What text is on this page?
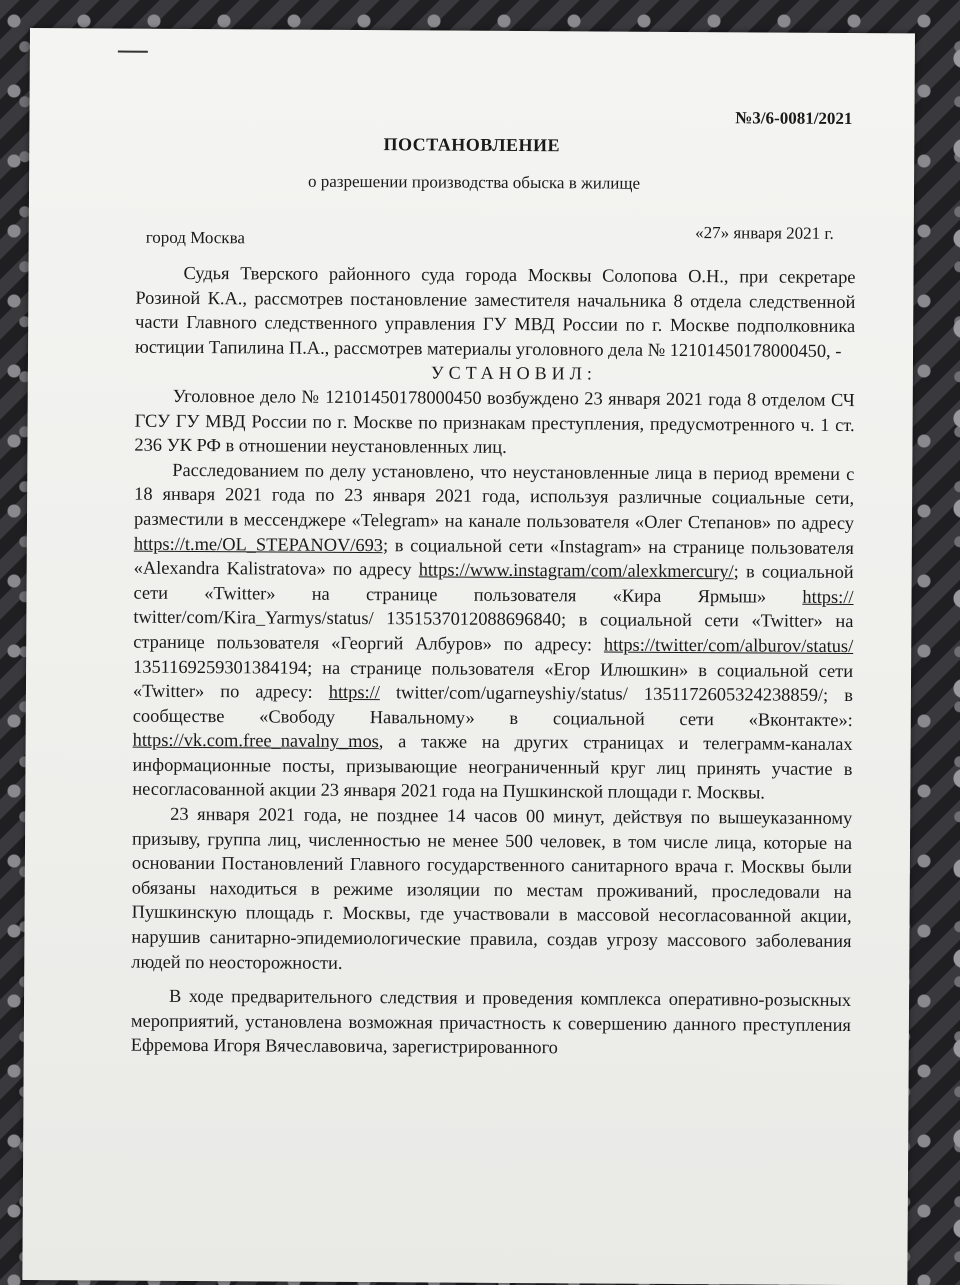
№3/6-0081/2021
ПОСТАНОВЛЕНИЕ
о разрешении производства обыска в жилище
город Москва	«27» января 2021 г.

Судья Тверского районного суда города Москвы Солопова О.Н., при секретаре Розиной К.А., рассмотрев постановление заместителя начальника 8 отдела следственной части Главного следственного управления ГУ МВД России по г. Москве подполковника юстиции Тапилина П.А., рассмотрев материалы уголовного дела № 12101450178000450, -

УСТАНОВИЛ:

Уголовное дело № 12101450178000450 возбуждено 23 января 2021 года 8 отделом СЧ ГСУ ГУ МВД России по г. Москве по признакам преступления, предусмотренного ч. 1 ст. 236 УК РФ в отношении неустановленных лиц.

Расследованием по делу установлено, что неустановленные лица в период времени с 18 января 2021 года по 23 января 2021 года, используя различные социальные сети, разместили в мессенджере «Telegram» на канале пользователя «Олег Степанов» по адресу https://t.me/OL_STEPANOV/693; в социальной сети «Instagram» на странице пользователя «Alexandra Kalistratova» по адресу https://www.instagram/com/alexkmercury/; в социальной сети «Twitter» на странице пользователя «Кира Ярмыш» https:// twitter/com/Kira_Yarmys/status/ 1351537012088696840; в социальной сети «Twitter» на странице пользователя «Георгий Албуров» по адресу: https://twitter/com/alburov/status/ 1351169259301384194; на странице пользователя «Егор Илюшкин» в социальной сети «Twitter» по адресу: https:// twitter/com/ugarneyshiy/status/ 1351172605324238859/; в сообществе «Свободу Навальному» в социальной сети «Вконтакте»: https://vk.com.free_navalny_mos, а также на других страницах и телеграмм-каналах информационные посты, призывающие неограниченный круг лиц принять участие в несогласованной акции 23 января 2021 года на Пушкинской площади г. Москвы.

23 января 2021 года, не позднее 14 часов 00 минут, действуя по вышеуказанному призыву, группа лиц, численностью не менее 500 человек, в том числе лица, которые на основании Постановлений Главного государственного санитарного врача г. Москвы были обязаны находиться в режиме изоляции по местам проживаний, проследовали на Пушкинскую площадь г. Москвы, где участвовали в массовой несогласованной акции, нарушив санитарно-эпидемиологические правила, создав угрозу массового заболевания людей по неосторожности.

В ходе предварительного следствия и проведения комплекса оперативно-розыскных мероприятий, установлена возможная причастность к совершению данного преступления Ефремова Игоря Вячеславовича, зарегистрированного
